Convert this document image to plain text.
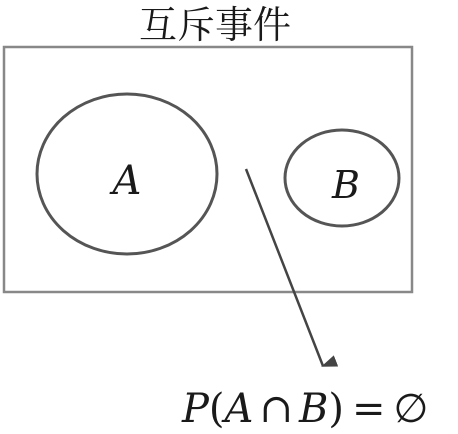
互斥事件
A	B
P(A ∩ B) = ∅
